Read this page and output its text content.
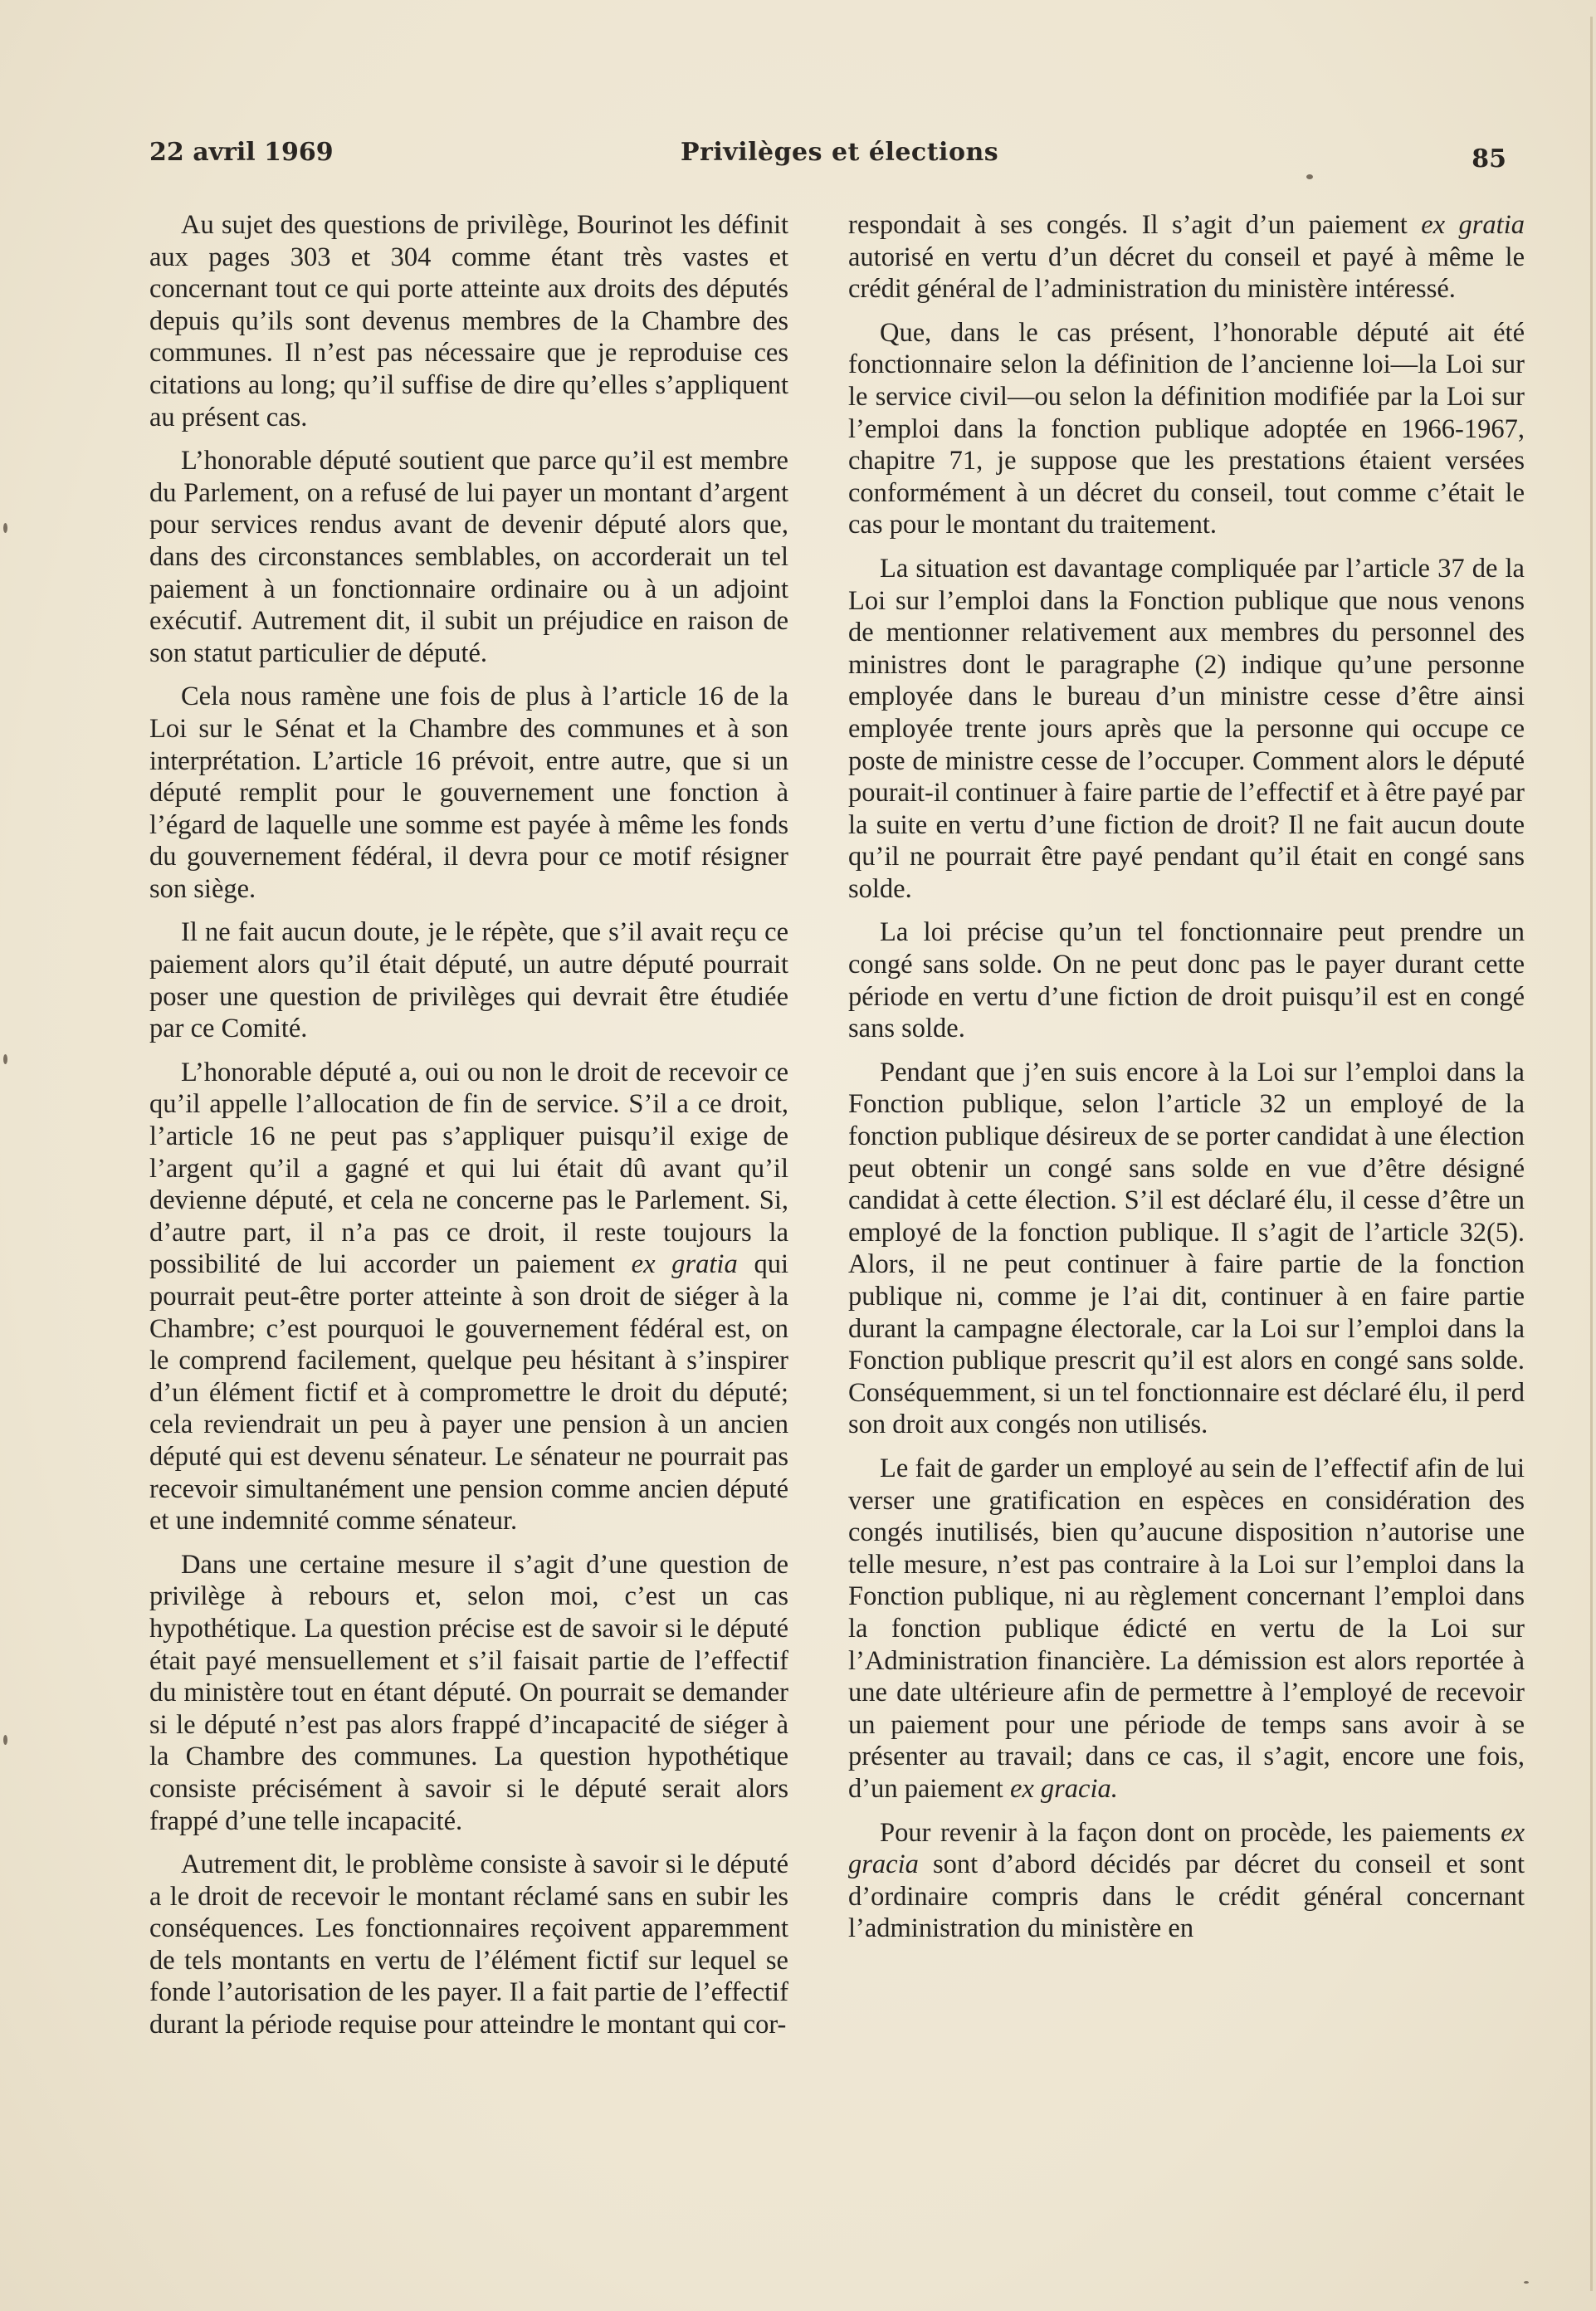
22 avril 1969	Privilèges et élections	85

Au sujet des questions de privilège, Bourinot les définit aux pages 303 et 304 comme étant très vastes et concernant tout ce qui porte atteinte aux droits des députés depuis qu’ils sont devenus membres de la Chambre des communes. Il n’est pas nécessaire que je reproduise ces citations au long; qu’il suffise de dire qu’elles s’appliquent au présent cas.

L’honorable député soutient que parce qu’il est membre du Parlement, on a refusé de lui payer un montant d’argent pour services rendus avant de devenir député alors que, dans des circonstances semblables, on accorderait un tel paiement à un fonctionnaire ordinaire ou à un adjoint exécutif. Autrement dit, il subit un préjudice en raison de son statut particulier de député.

Cela nous ramène une fois de plus à l’article 16 de la Loi sur le Sénat et la Chambre des communes et à son interprétation. L’article 16 prévoit, entre autre, que si un député remplit pour le gouvernement une fonction à l’égard de laquelle une somme est payée à même les fonds du gouvernement fédéral, il devra pour ce motif résigner son siège.

Il ne fait aucun doute, je le répète, que s’il avait reçu ce paiement alors qu’il était député, un autre député pourrait poser une question de privilèges qui devrait être étudiée par ce Comité.

L’honorable député a, oui ou non le droit de recevoir ce qu’il appelle l’allocation de fin de service. S’il a ce droit, l’article 16 ne peut pas s’appliquer puisqu’il exige de l’argent qu’il a gagné et qui lui était dû avant qu’il devienne député, et cela ne concerne pas le Parlement. Si, d’autre part, il n’a pas ce droit, il reste toujours la possibilité de lui accorder un paiement ex gratia qui pourrait peut-être porter atteinte à son droit de siéger à la Chambre; c’est pourquoi le gouvernement fédéral est, on le comprend facilement, quelque peu hésitant à s’inspirer d’un élément fictif et à compromettre le droit du député; cela reviendrait un peu à payer une pension à un ancien député qui est devenu sénateur. Le sénateur ne pourrait pas recevoir simultanément une pension comme ancien député et une indemnité comme sénateur.

Dans une certaine mesure il s’agit d’une question de privilège à rebours et, selon moi, c’est un cas hypothétique. La question précise est de savoir si le député était payé mensuellement et s’il faisait partie de l’effectif du ministère tout en étant député. On pourrait se demander si le député n’est pas alors frappé d’incapacité de siéger à la Chambre des communes. La question hypothétique consiste précisément à savoir si le député serait alors frappé d’une telle incapacité.

Autrement dit, le problème consiste à savoir si le député a le droit de recevoir le montant réclamé sans en subir les conséquences. Les fonctionnaires reçoivent apparemment de tels montants en vertu de l’élément fictif sur lequel se fonde l’autorisation de les payer. Il a fait partie de l’effectif durant la période requise pour atteindre le montant qui cor-

respondait à ses congés. Il s’agit d’un paiement ex gratia autorisé en vertu d’un décret du conseil et payé à même le crédit général de l’administration du ministère intéressé.

Que, dans le cas présent, l’honorable député ait été fonctionnaire selon la définition de l’ancienne loi—la Loi sur le service civil—ou selon la définition modifiée par la Loi sur l’emploi dans la fonction publique adoptée en 1966-1967, chapitre 71, je suppose que les prestations étaient versées conformément à un décret du conseil, tout comme c’était le cas pour le montant du traitement.

La situation est davantage compliquée par l’article 37 de la Loi sur l’emploi dans la Fonction publique que nous venons de mentionner relativement aux membres du personnel des ministres dont le paragraphe (2) indique qu’une personne employée dans le bureau d’un ministre cesse d’être ainsi employée trente jours après que la personne qui occupe ce poste de ministre cesse de l’occuper. Comment alors le député pourait-il continuer à faire partie de l’effectif et à être payé par la suite en vertu d’une fiction de droit? Il ne fait aucun doute qu’il ne pourrait être payé pendant qu’il était en congé sans solde.

La loi précise qu’un tel fonctionnaire peut prendre un congé sans solde. On ne peut donc pas le payer durant cette période en vertu d’une fiction de droit puisqu’il est en congé sans solde.

Pendant que j’en suis encore à la Loi sur l’emploi dans la Fonction publique, selon l’article 32 un employé de la fonction publique désireux de se porter candidat à une élection peut obtenir un congé sans solde en vue d’être désigné candidat à cette élection. S’il est déclaré élu, il cesse d’être un employé de la fonction publique. Il s’agit de l’article 32(5). Alors, il ne peut continuer à faire partie de la fonction publique ni, comme je l’ai dit, continuer à en faire partie durant la campagne électorale, car la Loi sur l’emploi dans la Fonction publique prescrit qu’il est alors en congé sans solde. Conséquemment, si un tel fonctionnaire est déclaré élu, il perd son droit aux congés non utilisés.

Le fait de garder un employé au sein de l’effectif afin de lui verser une gratification en espèces en considération des congés inutilisés, bien qu’aucune disposition n’autorise une telle mesure, n’est pas contraire à la Loi sur l’emploi dans la Fonction publique, ni au règlement concernant l’emploi dans la fonction publique édicté en vertu de la Loi sur l’Administration financière. La démission est alors reportée à une date ultérieure afin de permettre à l’employé de recevoir un paiement pour une période de temps sans avoir à se présenter au travail; dans ce cas, il s’agit, encore une fois, d’un paiement ex gracia.

Pour revenir à la façon dont on procède, les paiements ex gracia sont d’abord décidés par décret du conseil et sont d’ordinaire compris dans le crédit général concernant l’administration du ministère en
